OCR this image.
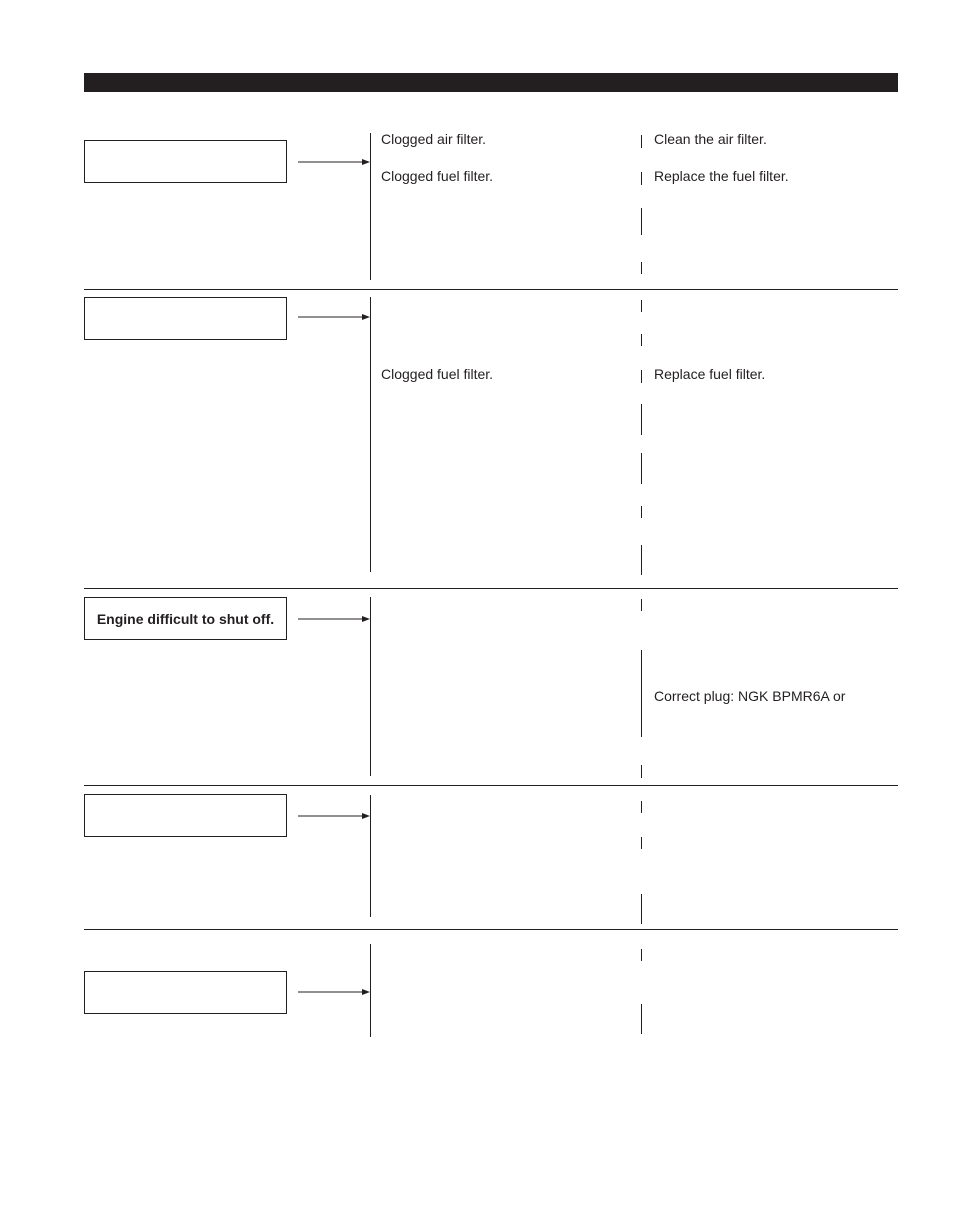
Clogged air filter.
Clogged fuel filter.
Clean the air filter.
Replace the fuel filter.
Clogged fuel filter.	Replace fuel filter.
Engine difficult to shut off.
Correct plug: NGK BPMR6A or
